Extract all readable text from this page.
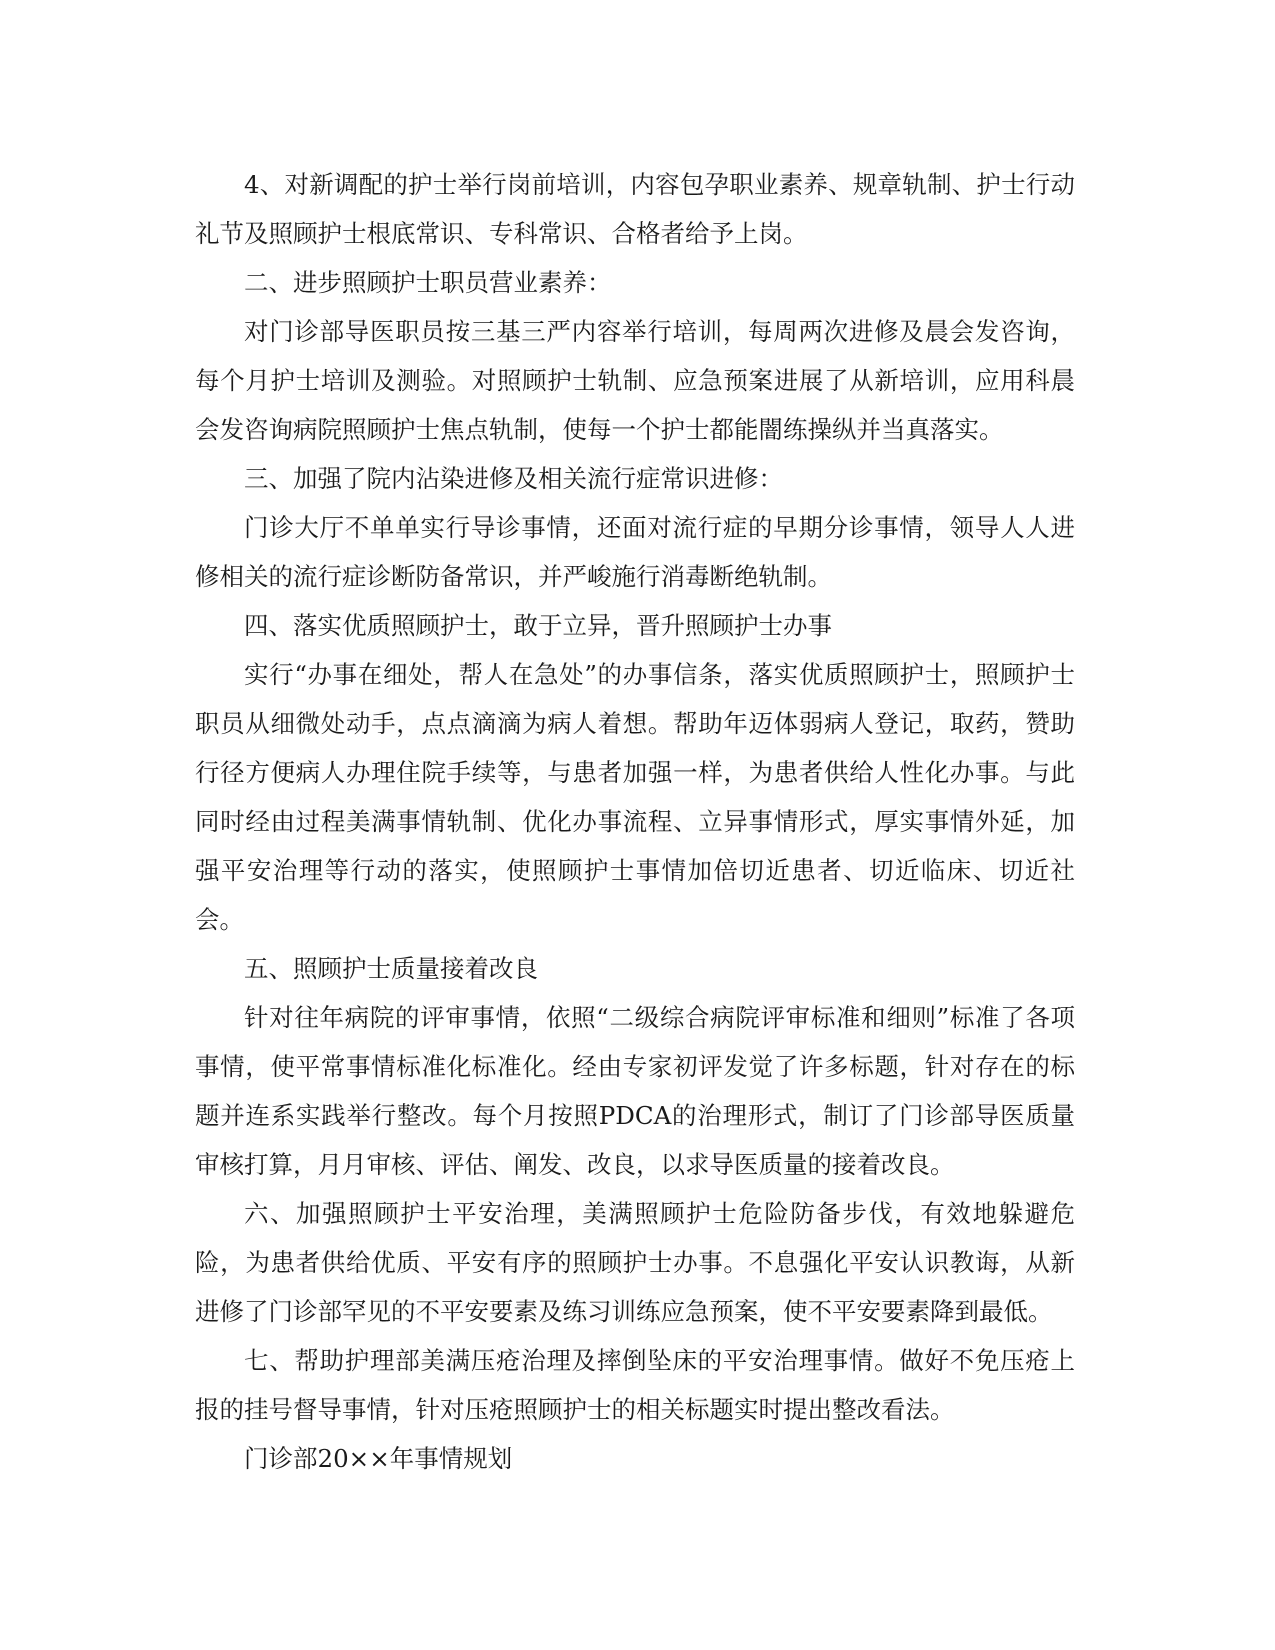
4、对新调配的护士举行岗前培训，内容包孕职业素养、规章轨制、护士行动礼节及照顾护士根底常识、专科常识、合格者给予上岗。

二、进步照顾护士职员营业素养：

对门诊部导医职员按三基三严内容举行培训，每周两次进修及晨会发咨询，每个月护士培训及测验。对照顾护士轨制、应急预案进展了从新培训，应用科晨会发咨询病院照顾护士焦点轨制，使每一个护士都能闇练操纵并当真落实。

三、加强了院内沾染进修及相关流行症常识进修：

门诊大厅不单单实行导诊事情，还面对流行症的早期分诊事情，领导人人进修相关的流行症诊断防备常识，并严峻施行消毒断绝轨制。

四、落实优质照顾护士，敢于立异，晋升照顾护士办事

实行“办事在细处，帮人在急处”的办事信条，落实优质照顾护士，照顾护士职员从细微处动手，点点滴滴为病人着想。帮助年迈体弱病人登记，取药，赞助行径方便病人办理住院手续等，与患者加强一样，为患者供给人性化办事。与此同时经由过程美满事情轨制、优化办事流程、立异事情形式，厚实事情外延，加强平安治理等行动的落实，使照顾护士事情加倍切近患者、切近临床、切近社会。

五、照顾护士质量接着改良

针对往年病院的评审事情，依照“二级综合病院评审标准和细则”标准了各项事情，使平常事情标准化标准化。经由专家初评发觉了许多标题，针对存在的标题并连系实践举行整改。每个月按照PDCA的治理形式，制订了门诊部导医质量审核打算，月月审核、评估、阐发、改良，以求导医质量的接着改良。

六、加强照顾护士平安治理，美满照顾护士危险防备步伐，有效地躲避危险，为患者供给优质、平安有序的照顾护士办事。不息强化平安认识教诲，从新进修了门诊部罕见的不平安要素及练习训练应急预案，使不平安要素降到最低。

七、帮助护理部美满压疮治理及摔倒坠床的平安治理事情。做好不免压疮上报的挂号督导事情，针对压疮照顾护士的相关标题实时提出整改看法。

门诊部20××年事情规划
